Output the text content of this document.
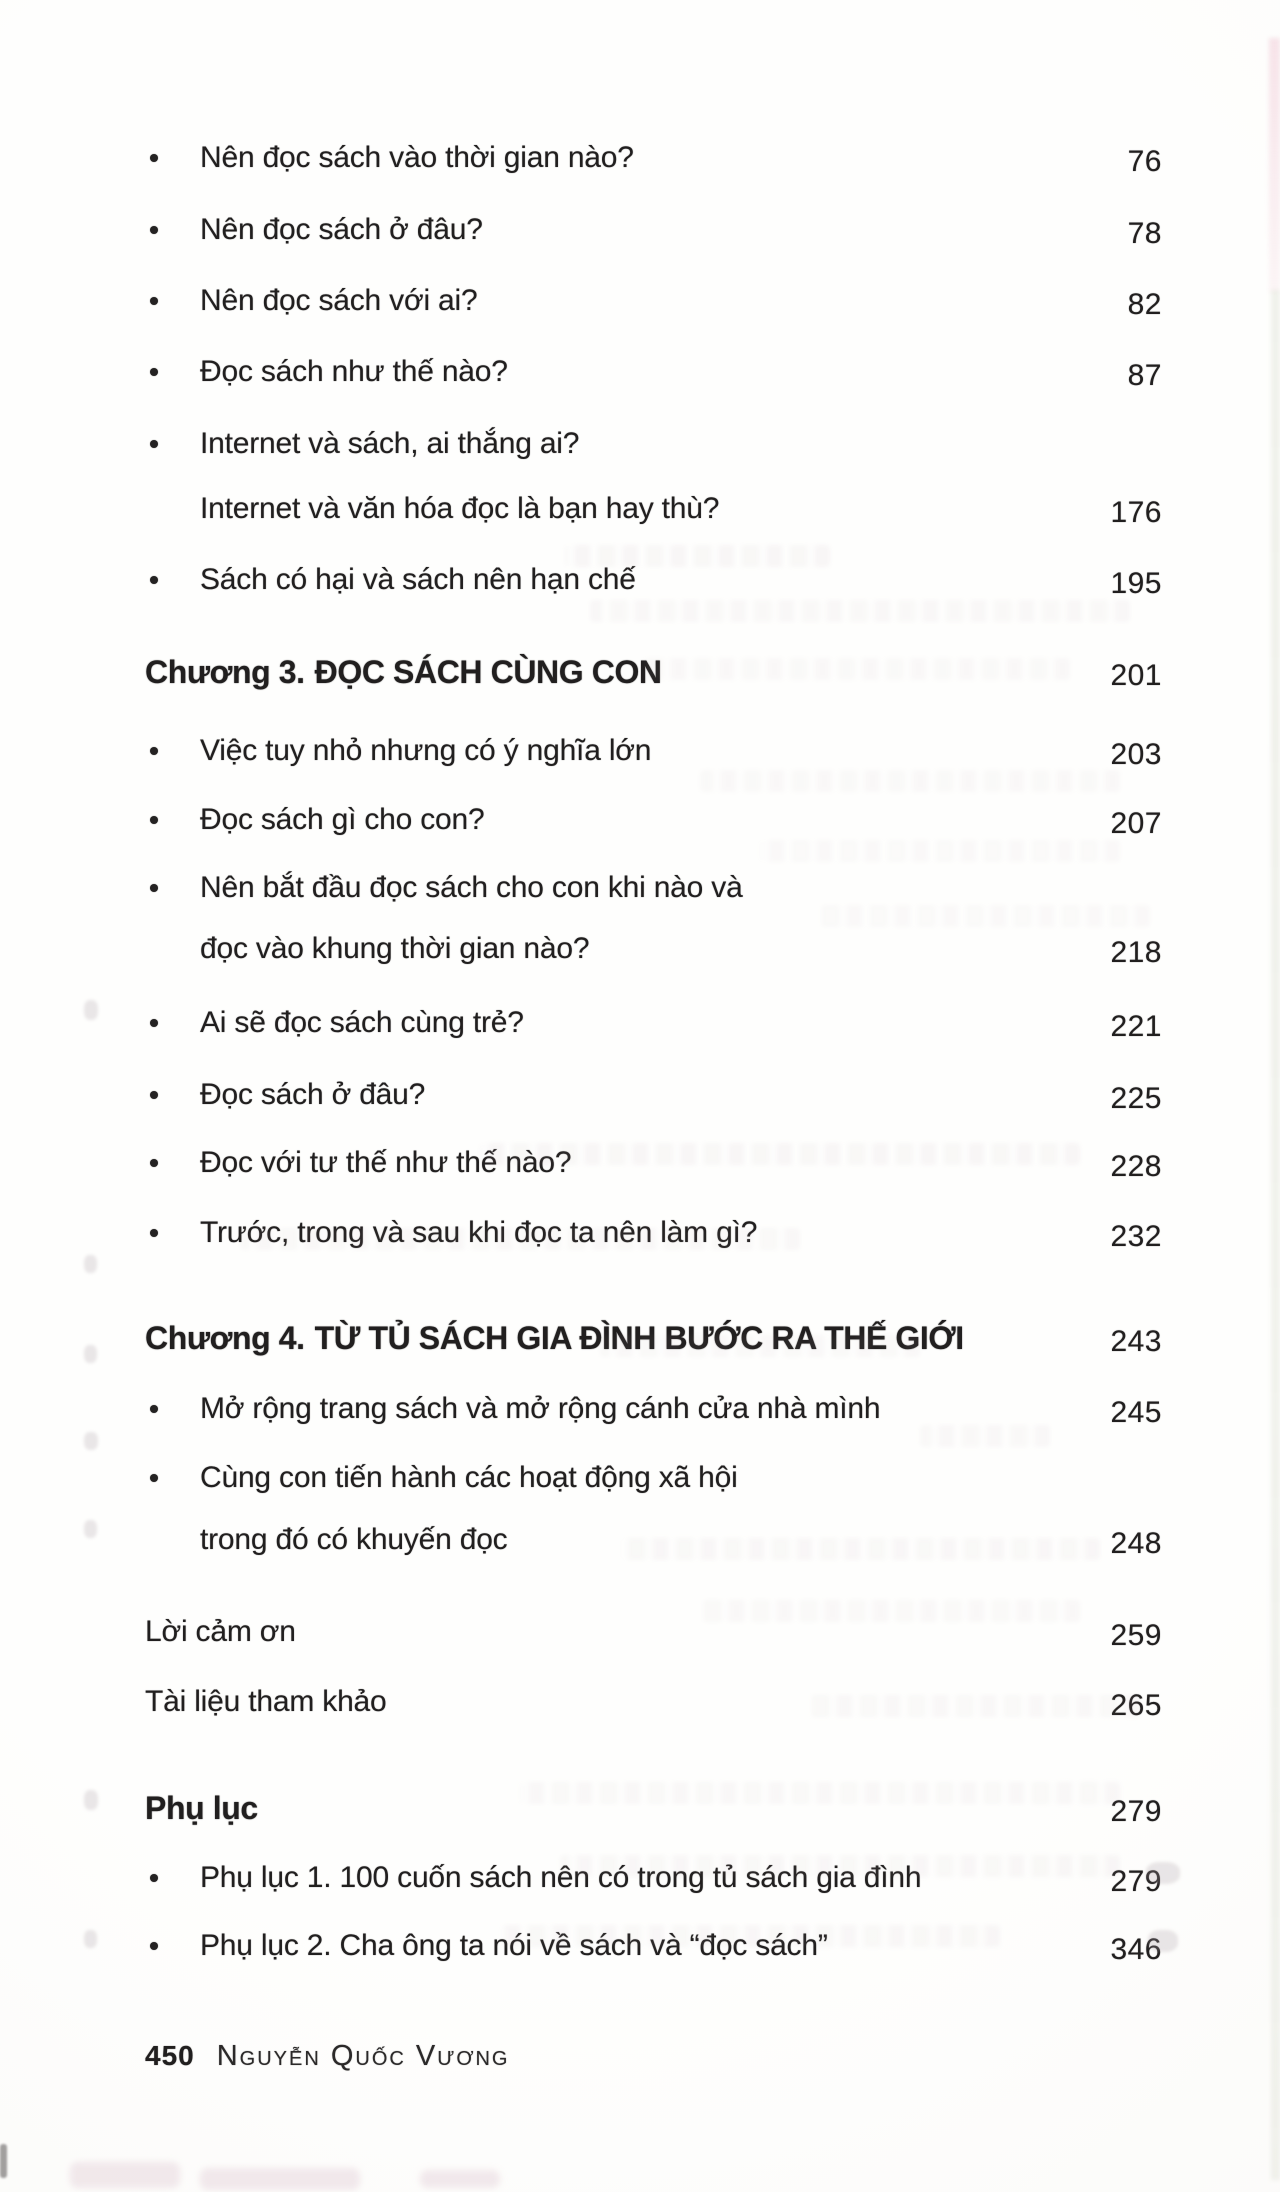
Nên đọc sách vào thời gian nào?	76
Nên đọc sách ở đâu?	78
Nên đọc sách với ai?	82
Đọc sách như thế nào?	87
Internet và sách, ai thắng ai?
Internet và văn hóa đọc là bạn hay thù?	176
Sách có hại và sách nên hạn chế	195
Chương 3. ĐỌC SÁCH CÙNG CON	201
Việc tuy nhỏ nhưng có ý nghĩa lớn	203
Đọc sách gì cho con?	207
Nên bắt đầu đọc sách cho con khi nào và
đọc vào khung thời gian nào?	218
Ai sẽ đọc sách cùng trẻ?	221
Đọc sách ở đâu?	225
Đọc với tư thế như thế nào?	228
Trước, trong và sau khi đọc ta nên làm gì?	232
Chương 4. TỪ TỦ SÁCH GIA ĐÌNH BƯỚC RA THẾ GIỚI	243
Mở rộng trang sách và mở rộng cánh cửa nhà mình	245
Cùng con tiến hành các hoạt động xã hội
trong đó có khuyến đọc	248
Lời cảm ơn	259
Tài liệu tham khảo	265
Phụ lục	279
Phụ lục 1. 100 cuốn sách nên có trong tủ sách gia đình	279
Phụ lục 2. Cha ông ta nói về sách và “đọc sách”	346
450 Nguyễn Quốc Vương
